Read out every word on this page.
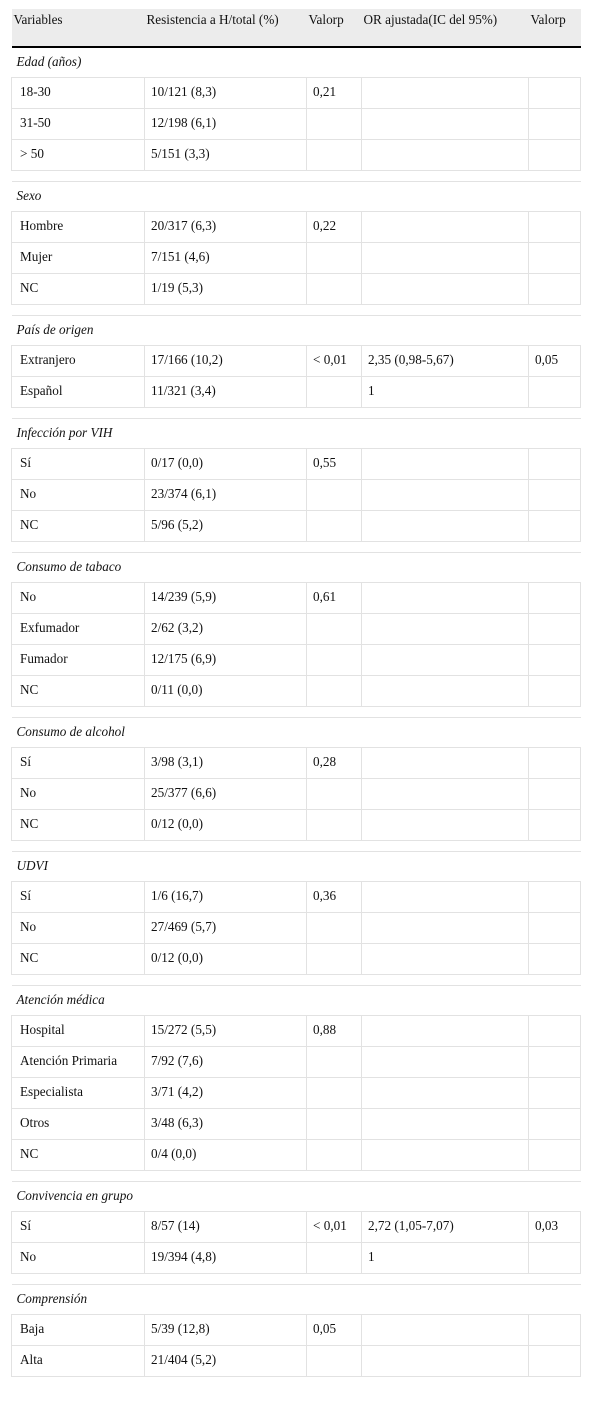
Variables	Resistencia a H/total (%)	Valorp	OR ajustada(IC del 95%)	Valorp
Edad (años)				
18-30	10/121 (8,3)	0,21		
31-50	12/198 (6,1)			
> 50	5/151 (3,3)			

Sexo				
Hombre	20/317 (6,3)	0,22		
Mujer	7/151 (4,6)			
NC	1/19 (5,3)			

País de origen				
Extranjero	17/166 (10,2)	< 0,01	2,35 (0,98-5,67)	0,05
Español	11/321 (3,4)		1	

Infección por VIH				
Sí	0/17 (0,0)	0,55		
No	23/374 (6,1)			
NC	5/96 (5,2)			

Consumo de tabaco				
No	14/239 (5,9)	0,61		
Exfumador	2/62 (3,2)			
Fumador	12/175 (6,9)			
NC	0/11 (0,0)			

Consumo de alcohol				
Sí	3/98 (3,1)	0,28		
No	25/377 (6,6)			
NC	0/12 (0,0)			

UDVI				
Sí	1/6 (16,7)	0,36		
No	27/469 (5,7)			
NC	0/12 (0,0)			

Atención médica				
Hospital	15/272 (5,5)	0,88		
Atención Primaria	7/92 (7,6)			
Especialista	3/71 (4,2)			
Otros	3/48 (6,3)			
NC	0/4 (0,0)			

Convivencia en grupo				
Sí	8/57 (14)	< 0,01	2,72 (1,05-7,07)	0,03
No	19/394 (4,8)		1	

Comprensión				
Baja	5/39 (12,8)	0,05		
Alta	21/404 (5,2)			
